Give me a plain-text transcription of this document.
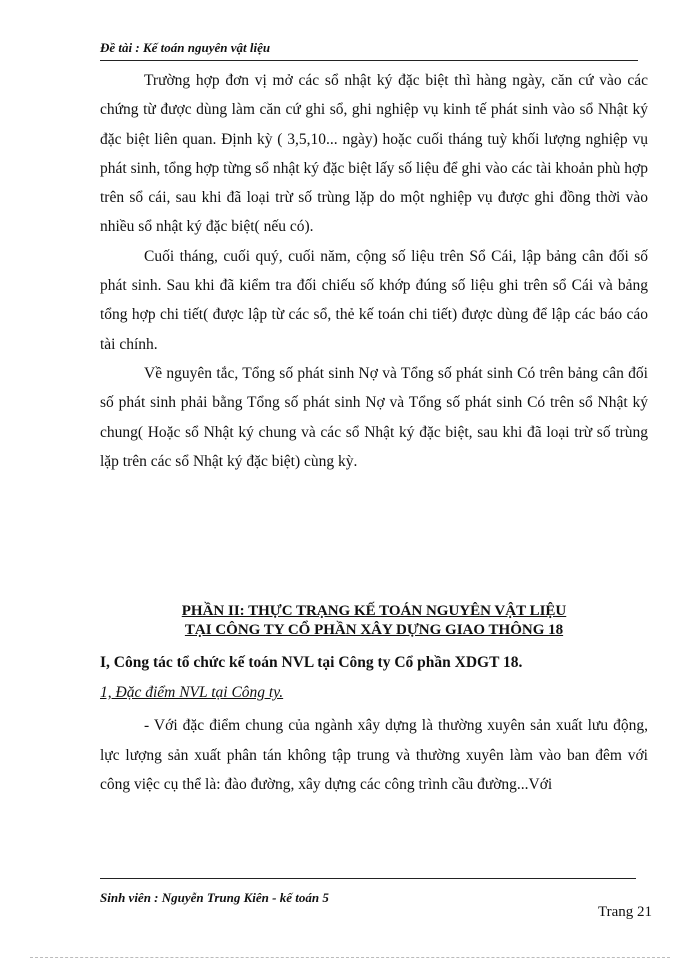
Đề tài : Kế toán nguyên vật liệu

Trường hợp đơn vị mở các sổ nhật ký đặc biệt thì hàng ngày, căn cứ vào các chứng từ được dùng làm căn cứ ghi sổ, ghi nghiệp vụ kinh tế phát sinh vào sổ Nhật ký đặc biệt liên quan. Định kỳ ( 3,5,10... ngày) hoặc cuối tháng tuỳ khối lượng nghiệp vụ phát sinh, tổng hợp từng sổ nhật ký đặc biệt lấy số liệu để ghi vào các tài khoản phù hợp trên sổ cái, sau khi đã loại trừ số trùng lặp do một nghiệp vụ được ghi đồng thời vào nhiều sổ nhật ký đặc biệt( nếu có).

Cuối tháng, cuối quý, cuối năm, cộng số liệu trên Sổ Cái, lập bảng cân đối số phát sinh. Sau khi đã kiểm tra đối chiếu số khớp đúng số liệu ghi trên sổ Cái và bảng tổng hợp chi tiết( được lập từ các sổ, thẻ kế toán chi tiết) được dùng để lập các báo cáo tài chính.

Về nguyên tắc, Tổng số phát sinh Nợ và Tổng số phát sinh Có trên bảng cân đối số phát sinh phải bằng Tổng số phát sinh Nợ và Tổng số phát sinh Có trên sổ Nhật ký chung( Hoặc sổ Nhật ký chung và các sổ Nhật ký đặc biệt, sau khi đã loại trừ số trùng lặp trên các sổ Nhật ký đặc biệt) cùng kỳ.

PHẦN II: THỰC TRẠNG KẾ TOÁN NGUYÊN VẬT LIỆU
TẠI CÔNG TY CỔ PHẦN XÂY DỰNG GIAO THÔNG 18
I, Công tác tổ chức kế toán NVL tại Công ty Cổ phần XDGT 18.
1, Đặc điểm NVL tại Công ty.

- Với đặc điểm chung của ngành xây dựng là thường xuyên sản xuất lưu động, lực lượng sản xuất phân tán không tập trung và thường xuyên làm vào ban đêm với công việc cụ thể là: đào đường, xây dựng các công trình cầu đường...Với

Sinh viên : Nguyễn Trung Kiên - kế toán 5
Trang 21
